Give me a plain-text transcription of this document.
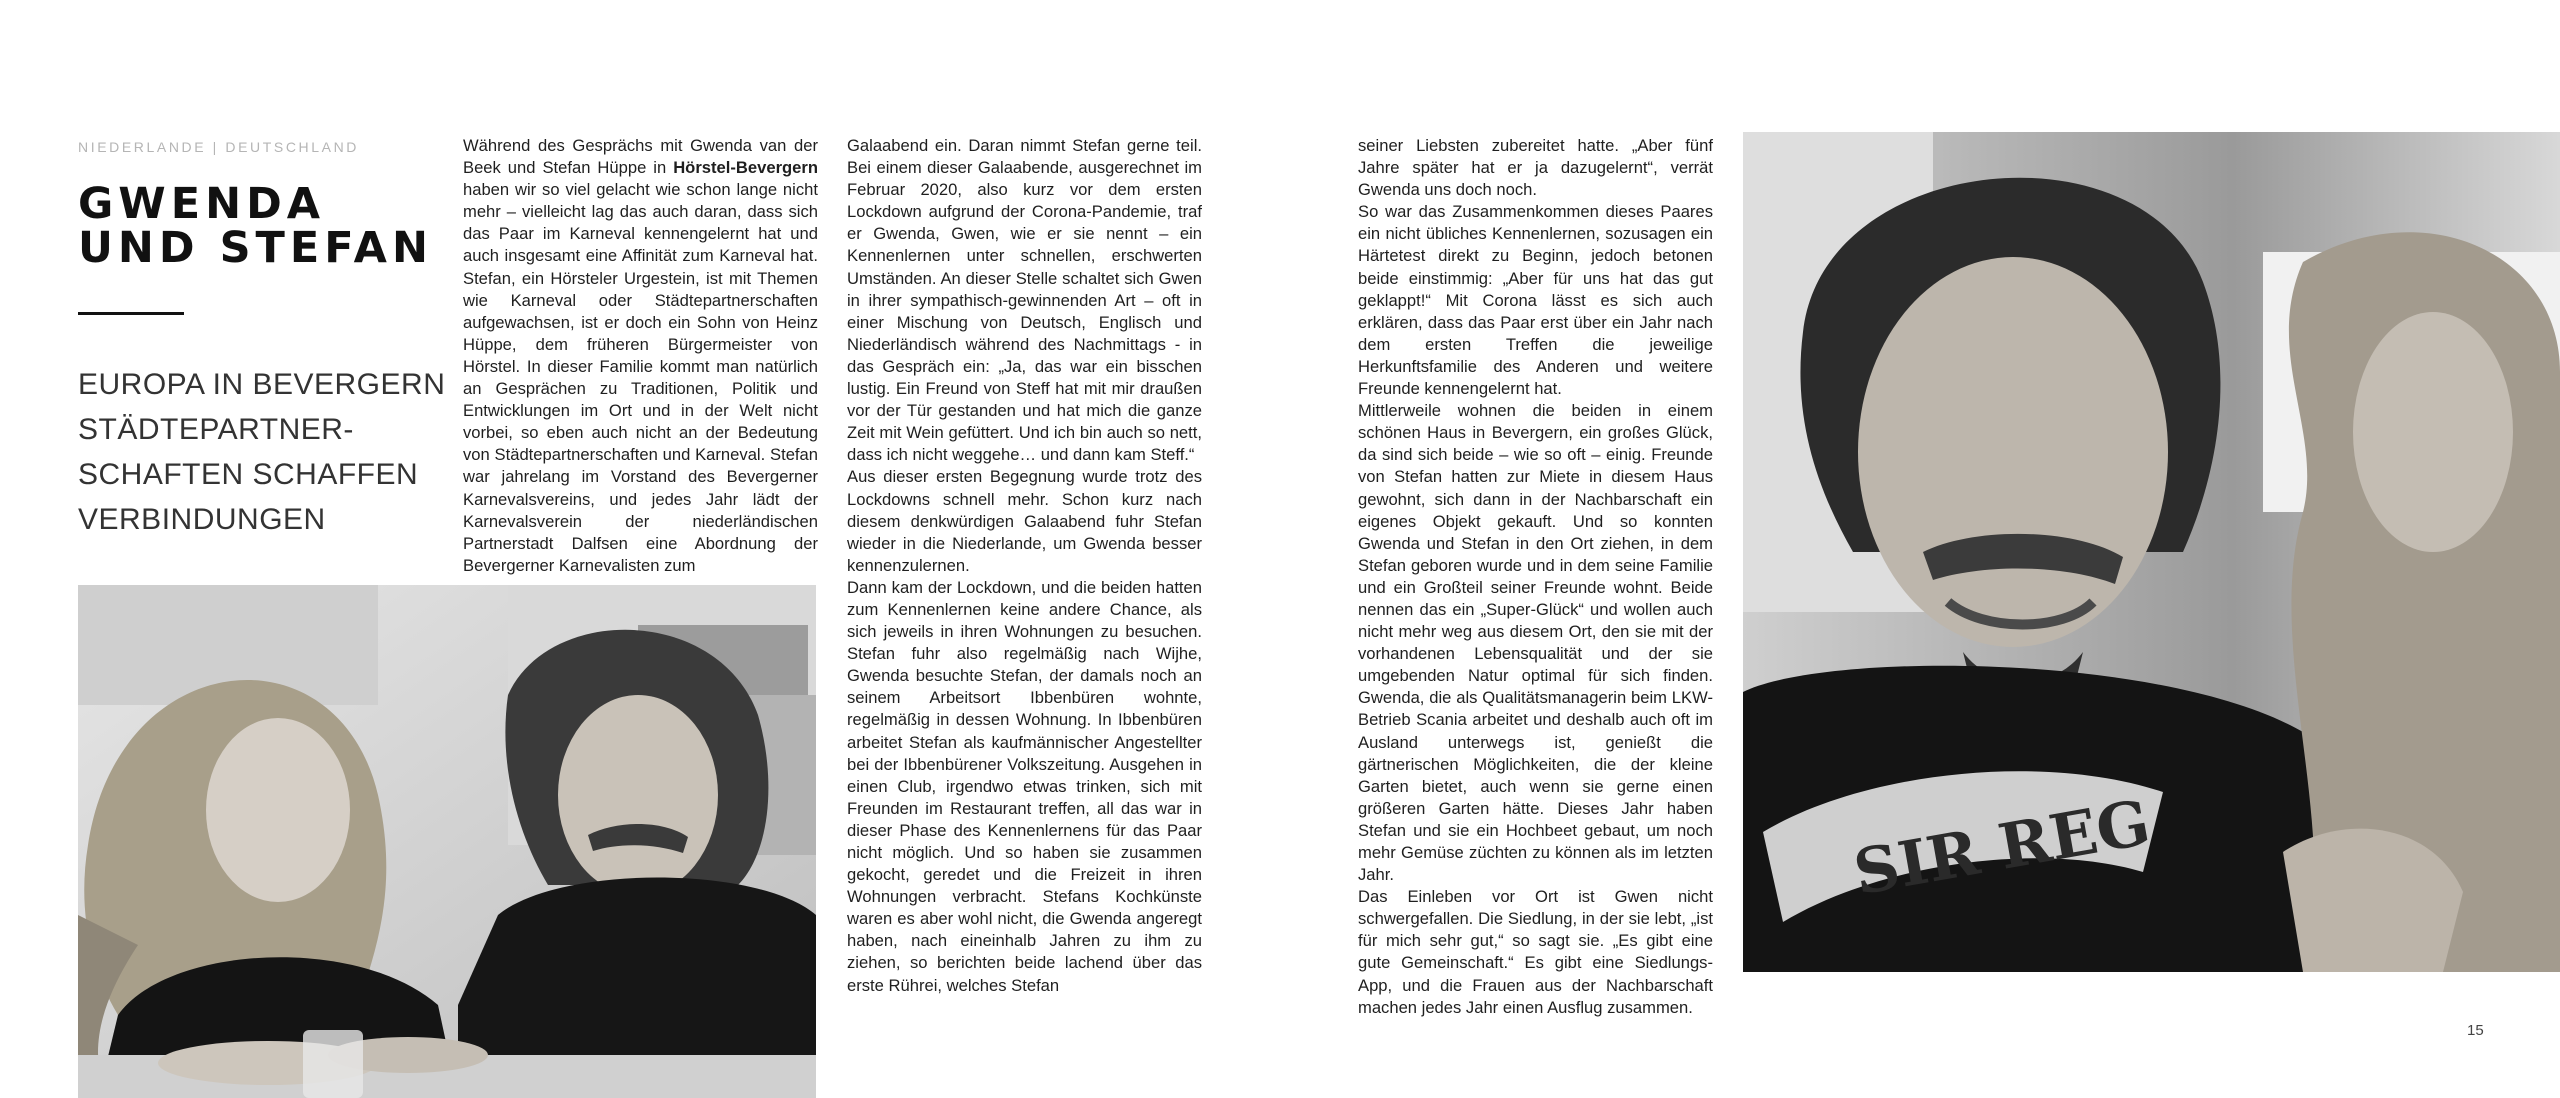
NIEDERLANDE | DEUTSCHLAND
GWENDA
UND STEFAN
EUROPA IN BEVERGERN
STÄDTEPARTNER-
SCHAFTEN SCHAFFEN
VERBINDUNGEN

Während des Gesprächs mit Gwenda van der Beek und Stefan Hüppe in Hörstel-Bevergern haben wir so viel gelacht wie schon lange nicht mehr – vielleicht lag das auch daran, dass sich das Paar im Karneval kennengelernt hat und auch insgesamt eine Affinität zum Karneval hat. Stefan, ein Hörsteler Urgestein, ist mit Themen wie Karneval oder Städtepartnerschaften aufgewachsen, ist er doch ein Sohn von Heinz Hüppe, dem früheren Bürgermeister von Hörstel. In dieser Familie kommt man natürlich an Gesprächen zu Traditionen, Politik und Entwicklungen im Ort und in der Welt nicht vorbei, so eben auch nicht an der Bedeutung von Städtepartnerschaften und Karneval. Stefan war jahrelang im Vorstand des Bevergerner Karnevalsvereins, und jedes Jahr lädt der Karnevalsverein der niederländischen Partnerstadt Dalfsen eine Abordnung der Bevergerner Karnevalisten zum

Galaabend ein. Daran nimmt Stefan gerne teil. Bei einem dieser Galaabende, ausgerechnet im Februar 2020, also kurz vor dem ersten Lockdown aufgrund der Corona-Pandemie, traf er Gwenda, Gwen, wie er sie nennt – ein Kennenlernen unter schnellen, erschwerten Umständen. An dieser Stelle schaltet sich Gwen in ihrer sympathisch-gewinnenden Art – oft in einer Mischung von Deutsch, Englisch und Niederländisch während des Nachmittags - in das Gespräch ein: „Ja, das war ein bisschen lustig. Ein Freund von Steff hat mit mir draußen vor der Tür gestanden und hat mich die ganze Zeit mit Wein gefüttert. Und ich bin auch so nett, dass ich nicht weggehe… und dann kam Steff.“

Aus dieser ersten Begegnung wurde trotz des Lockdowns schnell mehr. Schon kurz nach diesem denkwürdigen Galaabend fuhr Stefan wieder in die Niederlande, um Gwenda besser kennenzulernen.

Dann kam der Lockdown, und die beiden hatten zum Kennenlernen keine andere Chance, als sich jeweils in ihren Wohnungen zu besuchen. Stefan fuhr also regelmäßig nach Wijhe, Gwenda besuchte Stefan, der damals noch an seinem Arbeitsort Ibbenbüren wohnte, regelmäßig in dessen Wohnung. In Ibbenbüren arbeitet Stefan als kaufmännischer Angestellter bei der Ibbenbürener Volkszeitung. Ausgehen in einen Club, irgendwo etwas trinken, sich mit Freunden im Restaurant treffen, all das war in dieser Phase des Kennenlernens für das Paar nicht möglich. Und so haben sie zusammen gekocht, geredet und die Freizeit in ihren Wohnungen verbracht. Stefans Kochkünste waren es aber wohl nicht, die Gwenda angeregt haben, nach eineinhalb Jahren zu ihm zu ziehen, so berichten beide lachend über das erste Rührei, welches Stefan

seiner Liebsten zubereitet hatte. „Aber fünf Jahre später hat er ja dazugelernt“, verrät Gwenda uns doch noch.

So war das Zusammenkommen dieses Paares ein nicht übliches Kennenlernen, sozusagen ein Härtetest direkt zu Beginn, jedoch betonen beide einstimmig: „Aber für uns hat das gut geklappt!“ Mit Corona lässt es sich auch erklären, dass das Paar erst über ein Jahr nach dem ersten Treffen die jeweilige Herkunftsfamilie des Anderen und weitere Freunde kennengelernt hat.

Mittlerweile wohnen die beiden in einem schönen Haus in Bevergern, ein großes Glück, da sind sich beide – wie so oft – einig. Freunde von Stefan hatten zur Miete in diesem Haus gewohnt, sich dann in der Nachbarschaft ein eigenes Objekt gekauft. Und so konnten Gwenda und Stefan in den Ort ziehen, in dem Stefan geboren wurde und in dem seine Familie und ein Großteil seiner Freunde wohnt. Beide nennen das ein „Super-Glück“ und wollen auch nicht mehr weg aus diesem Ort, den sie mit der vorhandenen Lebensqualität und der sie umgebenden Natur optimal für sich finden. Gwenda, die als Qualitätsmanagerin beim LKW-Betrieb Scania arbeitet und deshalb auch oft im Ausland unterwegs ist, genießt die gärtnerischen Möglichkeiten, die der kleine Garten bietet, auch wenn sie gerne einen größeren Garten hätte. Dieses Jahr haben Stefan und sie ein Hochbeet gebaut, um noch mehr Gemüse züchten zu können als im letzten Jahr.

Das Einleben vor Ort ist Gwen nicht schwergefallen. Die Siedlung, in der sie lebt, „ist für mich sehr gut,“ so sagt sie. „Es gibt eine gute Gemeinschaft.“ Es gibt eine Siedlungs-App, und die Frauen aus der Nachbarschaft machen jedes Jahr einen Ausflug zusammen.

SIR REG
15
